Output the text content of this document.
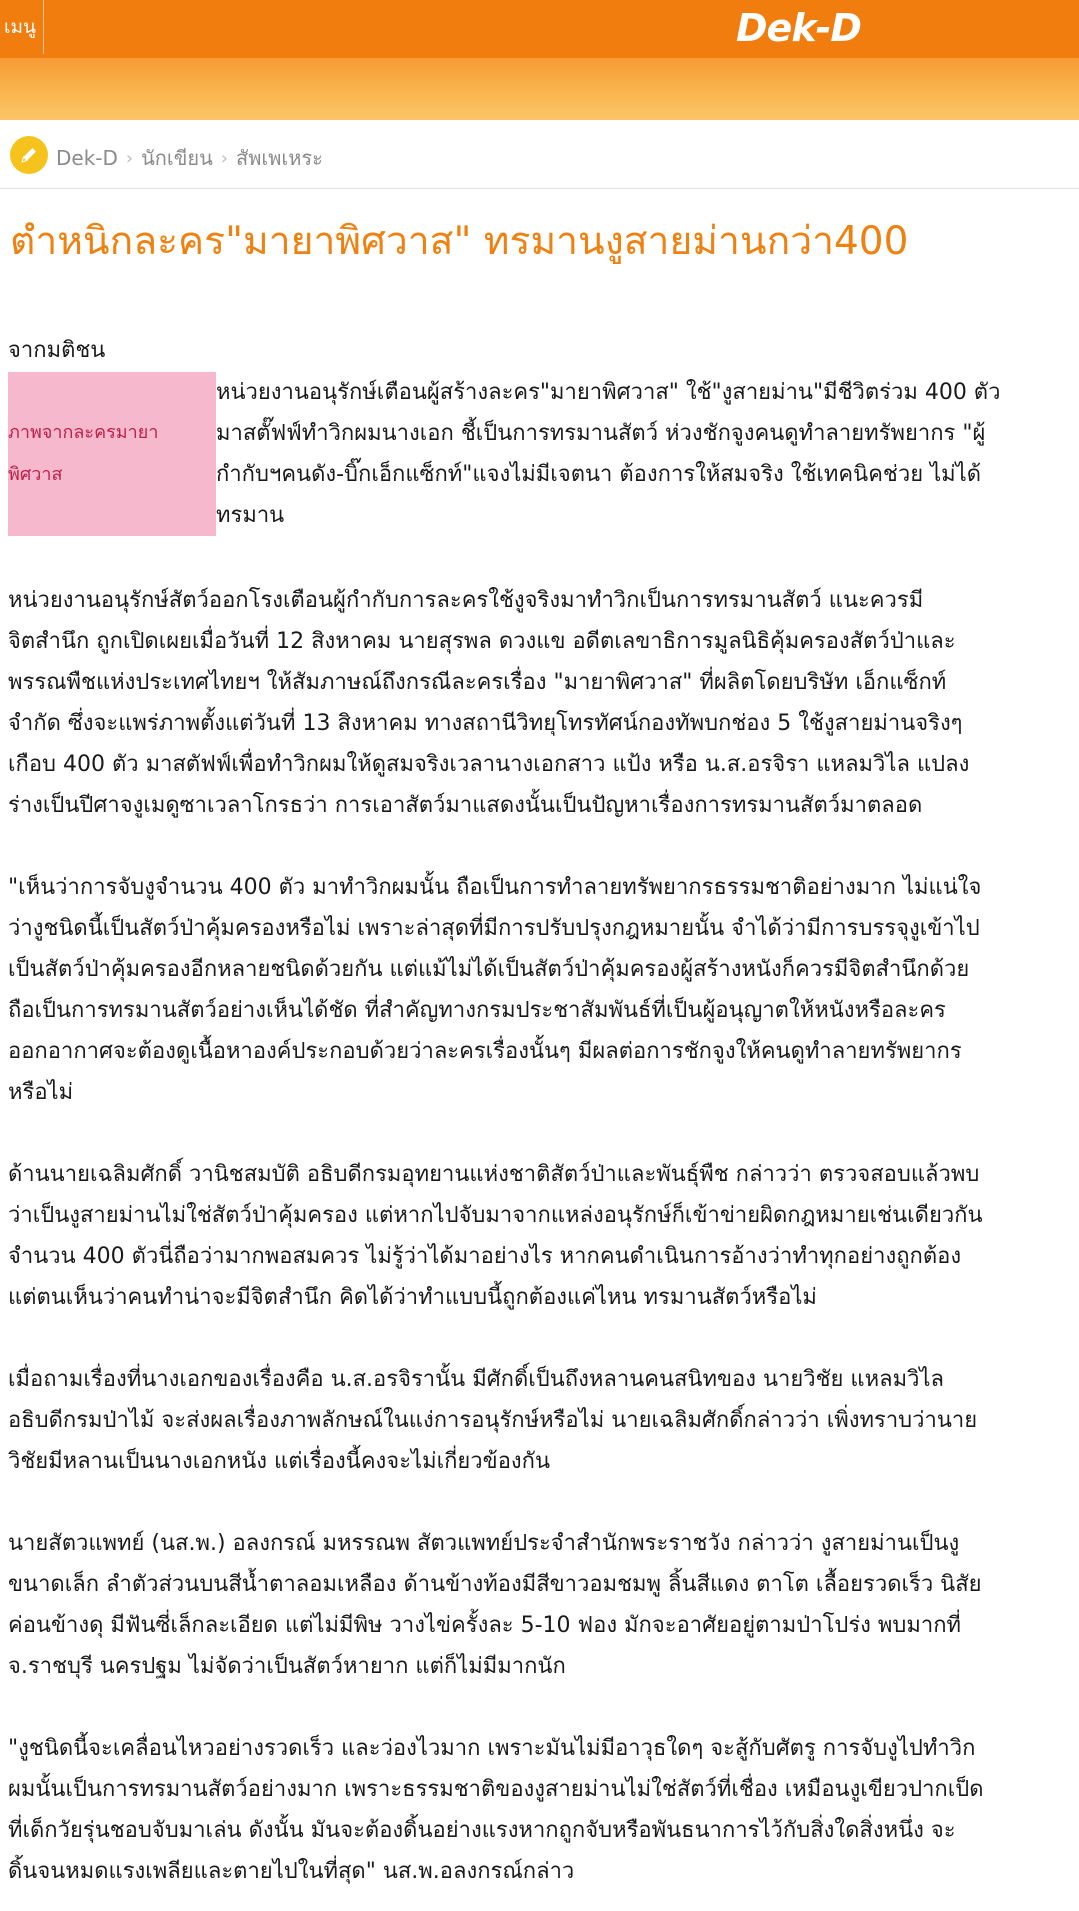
เมนู	Dek-D
Dek-D › นักเขียน › สัพเพเหระ
ตำหนิกละคร"มายาพิศวาส" ทรมานงูสายม่านกว่า400
จากมติชน
ภาพจากละครมายาพิศวาส
หน่วยงานอนุรักษ์เตือนผู้สร้างละคร"มายาพิศวาส" ใช้"งูสายม่าน"มีชีวิตร่วม 400 ตัว
มาสตั๊ฟฟ์ทำวิกผมนางเอก ชี้เป็นการทรมานสัตว์ ห่วงชักจูงคนดูทำลายทรัพยากร "ผู้
กำกับฯคนดัง-บิ๊กเอ็กแซ็กท์"แจงไม่มีเจตนา ต้องการให้สมจริง ใช้เทคนิคช่วย ไม่ได้
ทรมาน
หน่วยงานอนุรักษ์สัตว์ออกโรงเตือนผู้กำกับการละครใช้งูจริงมาทำวิกเป็นการทรมานสัตว์ แนะควรมี
จิตสำนึก ถูกเปิดเผยเมื่อวันที่ 12 สิงหาคม นายสุรพล ดวงแข อดีตเลขาธิการมูลนิธิคุ้มครองสัตว์ป่าและ
พรรณพืชแห่งประเทศไทยฯ ให้สัมภาษณ์ถึงกรณีละครเรื่อง "มายาพิศวาส" ที่ผลิตโดยบริษัท เอ็กแซ็กท์
จำกัด ซึ่งจะแพร่ภาพตั้งแต่วันที่ 13 สิงหาคม ทางสถานีวิทยุโทรทัศน์กองทัพบกช่อง 5 ใช้งูสายม่านจริงๆ
เกือบ 400 ตัว มาสตัฟฟ์เพื่อทำวิกผมให้ดูสมจริงเวลานางเอกสาว แป้ง หรือ น.ส.อรจิรา แหลมวิไล แปลง
ร่างเป็นปีศาจงูเมดูซาเวลาโกรธว่า การเอาสัตว์มาแสดงนั้นเป็นปัญหาเรื่องการทรมานสัตว์มาตลอด
"เห็นว่าการจับงูจำนวน 400 ตัว มาทำวิกผมนั้น ถือเป็นการทำลายทรัพยากรธรรมชาติอย่างมาก ไม่แน่ใจ
ว่างูชนิดนี้เป็นสัตว์ป่าคุ้มครองหรือไม่ เพราะล่าสุดที่มีการปรับปรุงกฎหมายนั้น จำได้ว่ามีการบรรจุงูเข้าไป
เป็นสัตว์ป่าคุ้มครองอีกหลายชนิดด้วยกัน แต่แม้ไม่ได้เป็นสัตว์ป่าคุ้มครองผู้สร้างหนังก็ควรมีจิตสำนึกด้วย
ถือเป็นการทรมานสัตว์อย่างเห็นได้ชัด ที่สำคัญทางกรมประชาสัมพันธ์ที่เป็นผู้อนุญาตให้หนังหรือละคร
ออกอากาศจะต้องดูเนื้อหาองค์ประกอบด้วยว่าละครเรื่องนั้นๆ มีผลต่อการชักจูงให้คนดูทำลายทรัพยากร
หรือไม่
ด้านนายเฉลิมศักดิ์ วานิชสมบัติ อธิบดีกรมอุทยานแห่งชาติสัตว์ป่าและพันธุ์พืช กล่าวว่า ตรวจสอบแล้วพบ
ว่าเป็นงูสายม่านไม่ใช่สัตว์ป่าคุ้มครอง แต่หากไปจับมาจากแหล่งอนุรักษ์ก็เข้าข่ายผิดกฎหมายเช่นเดียวกัน
จำนวน 400 ตัวนี่ถือว่ามากพอสมควร ไม่รู้ว่าได้มาอย่างไร หากคนดำเนินการอ้างว่าทำทุกอย่างถูกต้อง
แต่ตนเห็นว่าคนทำน่าจะมีจิตสำนึก คิดได้ว่าทำแบบนี้ถูกต้องแค่ไหน ทรมานสัตว์หรือไม่
เมื่อถามเรื่องที่นางเอกของเรื่องคือ น.ส.อรจิรานั้น มีศักดิ์เป็นถึงหลานคนสนิทของ นายวิชัย แหลมวิไล
อธิบดีกรมป่าไม้ จะส่งผลเรื่องภาพลักษณ์ในแง่การอนุรักษ์หรือไม่ นายเฉลิมศักดิ์กล่าวว่า เพิ่งทราบว่านาย
วิชัยมีหลานเป็นนางเอกหนัง แต่เรื่องนี้คงจะไม่เกี่ยวข้องกัน
นายสัตวแพทย์ (นส.พ.) อลงกรณ์ มหรรณพ สัตวแพทย์ประจำสำนักพระราชวัง กล่าวว่า งูสายม่านเป็นงู
ขนาดเล็ก ลำตัวส่วนบนสีน้ำตาลอมเหลือง ด้านข้างท้องมีสีขาวอมชมพู ลิ้นสีแดง ตาโต เลื้อยรวดเร็ว นิสัย
ค่อนข้างดุ มีฟันซี่เล็กละเอียด แต่ไม่มีพิษ วางไข่ครั้งละ 5-10 ฟอง มักจะอาศัยอยู่ตามป่าโปร่ง พบมากที่
จ.ราชบุรี นครปฐม ไม่จัดว่าเป็นสัตว์หายาก แต่ก็ไม่มีมากนัก
"งูชนิดนี้จะเคลื่อนไหวอย่างรวดเร็ว และว่องไวมาก เพราะมันไม่มีอาวุธใดๆ จะสู้กับศัตรู การจับงูไปทำวิก
ผมนั้นเป็นการทรมานสัตว์อย่างมาก เพราะธรรมชาติของงูสายม่านไม่ใช่สัตว์ที่เชื่อง เหมือนงูเขียวปากเป็ด
ที่เด็กวัยรุ่นชอบจับมาเล่น ดังนั้น มันจะต้องดิ้นอย่างแรงหากถูกจับหรือพันธนาการไว้กับสิ่งใดสิ่งหนึ่ง จะ
ดิ้นจนหมดแรงเพลียและตายไปในที่สุด" นส.พ.อลงกรณ์กล่าว
